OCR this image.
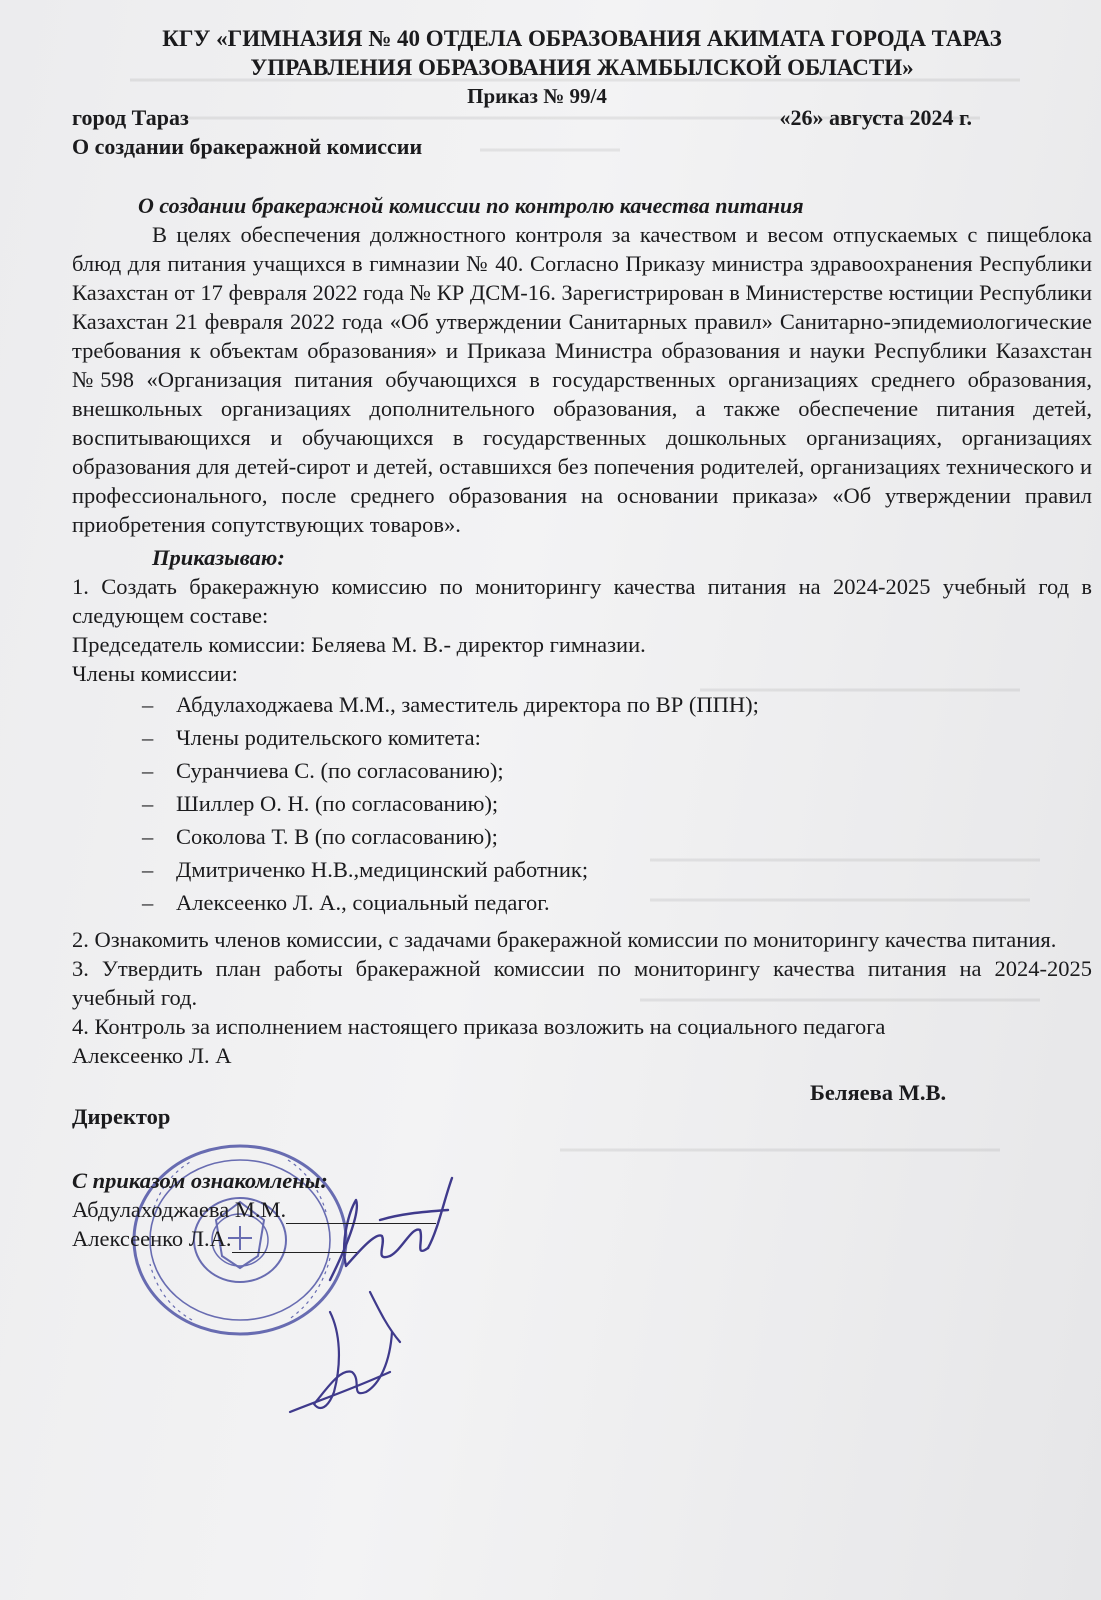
КГУ «ГИМНАЗИЯ № 40 ОТДЕЛА ОБРАЗОВАНИЯ АКИМАТА ГОРОДА ТАРАЗ
УПРАВЛЕНИЯ ОБРАЗОВАНИЯ ЖАМБЫЛСКОЙ ОБЛАСТИ»
Приказ № 99/4
город Тараз	«26» августа 2024 г.
О создании бракеражной комиссии
О создании бракеражной комиссии по контролю качества питания

В целях обеспечения должностного контроля за качеством и весом отпускаемых с пищеблока блюд для питания учащихся в гимназии № 40. Согласно Приказу министра здравоохранения Республики Казахстан от 17 февраля 2022 года № КР ДСМ-16. Зарегистрирован в Министерстве юстиции Республики Казахстан 21 февраля 2022 года «Об утверждении Санитарных правил» Санитарно-эпидемиологические требования к объектам образования» и Приказа Министра образования и науки Республики Казахстан №598 «Организация питания обучающихся в государственных организациях среднего образования, внешкольных организациях дополнительного образования, а также обеспечение питания детей, воспитывающихся и обучающихся в государственных дошкольных организациях, организациях образования для детей-сирот и детей, оставшихся без попечения родителей, организациях технического и профессионального, после среднего образования на основании приказа» «Об утверждении правил приобретения сопутствующих товаров».

Приказываю:

1. Создать бракеражную комиссию по мониторингу качества питания на 2024-2025 учебный год в следующем составе:

Председатель комиссии: Беляева М. В.- директор гимназии.

Члены комиссии:

– Абдулаходжаева М.М., заместитель директора по ВР (ППН);
– Члены родительского комитета:
– Суранчиева С. (по согласованию);
– Шиллер О. Н. (по согласованию);
– Соколова Т. В (по согласованию);
– Дмитриченко Н.В.,медицинский работник;
– Алексеенко Л. А., социальный педагог.

2. Ознакомить членов комиссии, с задачами бракеражной комиссии по мониторингу качества питания.

3. Утвердить план работы бракеражной комиссии по мониторингу качества питания на 2024-2025 учебный год.

4. Контроль за исполнением настоящего приказа возложить на социального педагога

Алексеенко Л. А

Директор
Беляева М.В.
С приказом ознакомлены:

Абдулаходжаева М.М.

Алексеенко Л.А.
